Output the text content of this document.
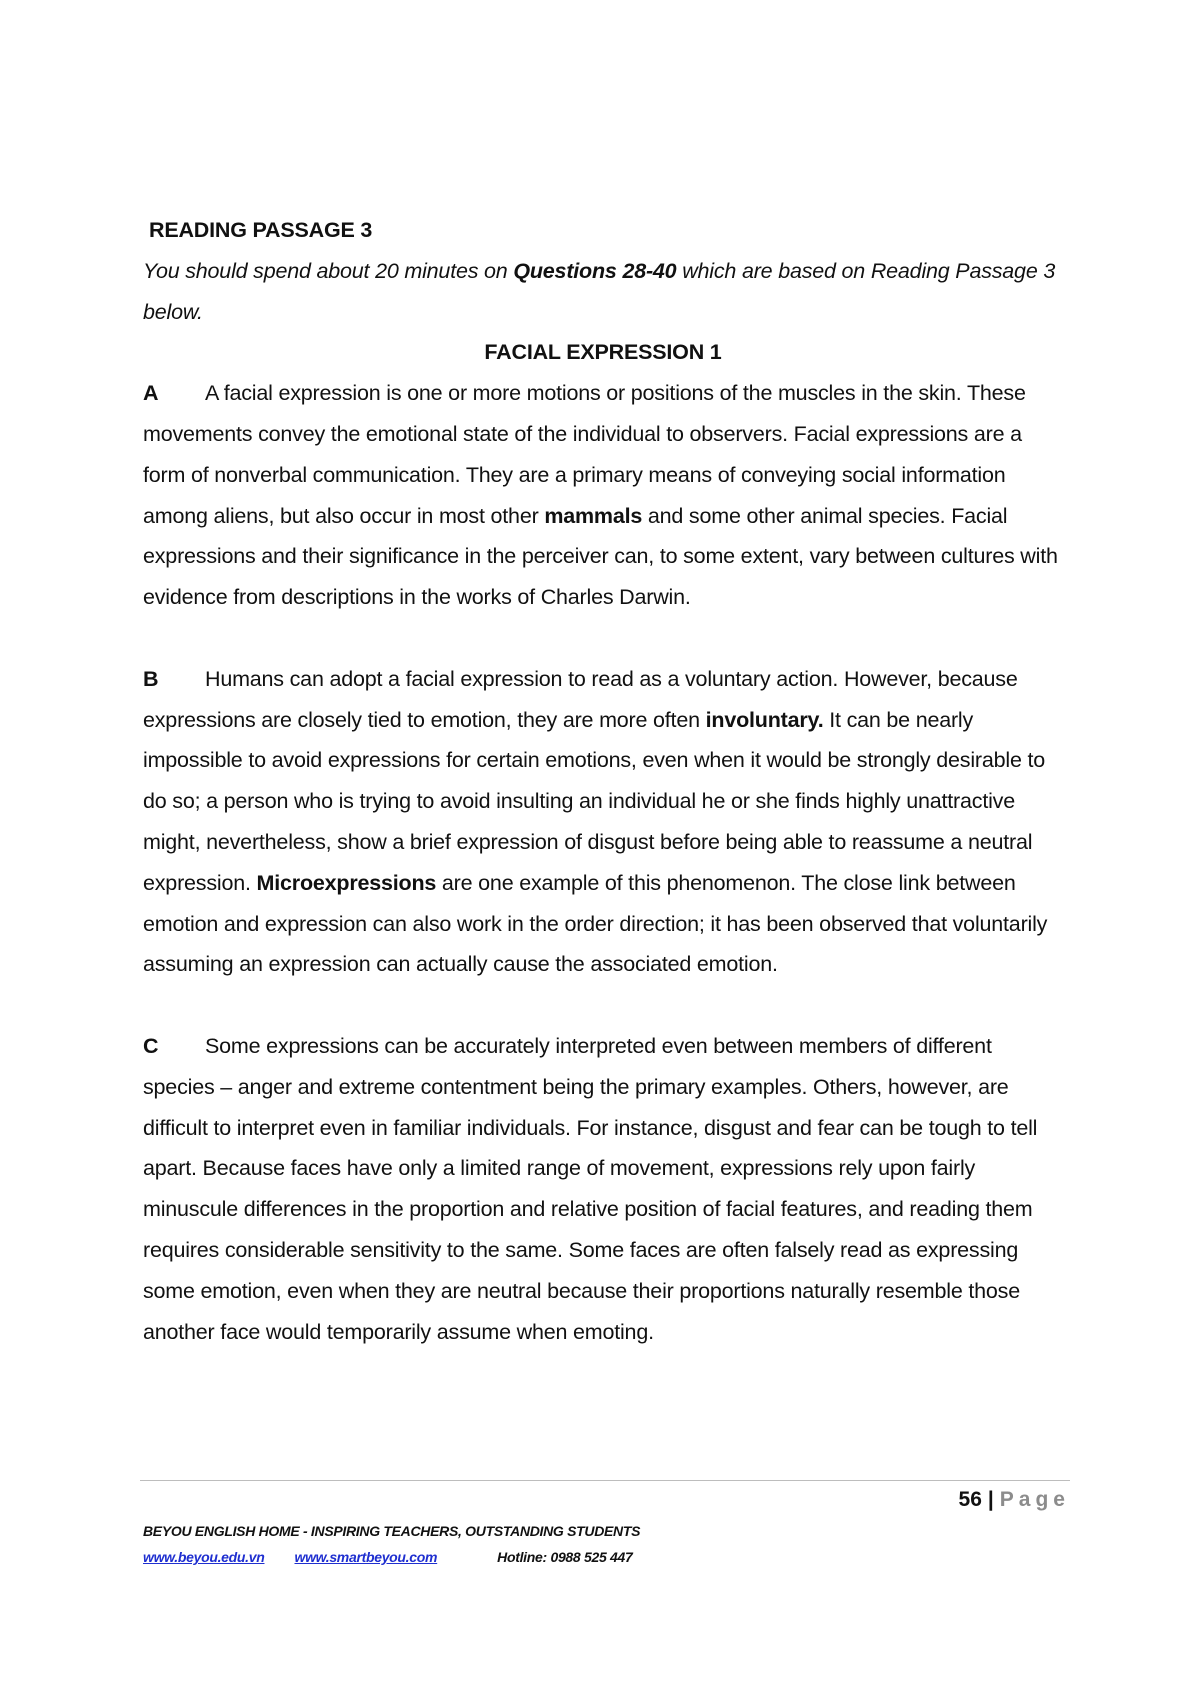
READING PASSAGE 3

You should spend about 20 minutes on Questions 28-40 which are based on Reading Passage 3 below.

FACIAL EXPRESSION 1

A A facial expression is one or more motions or positions of the muscles in the skin. These movements convey the emotional state of the individual to observers. Facial expressions are a form of nonverbal communication. They are a primary means of conveying social information among aliens, but also occur in most other mammals and some other animal species. Facial expressions and their significance in the perceiver can, to some extent, vary between cultures with evidence from descriptions in the works of Charles Darwin.

B Humans can adopt a facial expression to read as a voluntary action. However, because expressions are closely tied to emotion, they are more often involuntary. It can be nearly impossible to avoid expressions for certain emotions, even when it would be strongly desirable to do so; a person who is trying to avoid insulting an individual he or she finds highly unattractive might, nevertheless, show a brief expression of disgust before being able to reassume a neutral expression. Microexpressions are one example of this phenomenon. The close link between emotion and expression can also work in the order direction; it has been observed that voluntarily assuming an expression can actually cause the associated emotion.

C Some expressions can be accurately interpreted even between members of different species – anger and extreme contentment being the primary examples. Others, however, are difficult to interpret even in familiar individuals. For instance, disgust and fear can be tough to tell apart. Because faces have only a limited range of movement, expressions rely upon fairly minuscule differences in the proportion and relative position of facial features, and reading them requires considerable sensitivity to the same. Some faces are often falsely read as expressing some emotion, even when they are neutral because their proportions naturally resemble those another face would temporarily assume when emoting.

56 | Page
BEYOU ENGLISH HOME - INSPIRING TEACHERS, OUTSTANDING STUDENTS
www.beyou.edu.vn www.smartbeyou.com	Hotline: 0988 525 447
